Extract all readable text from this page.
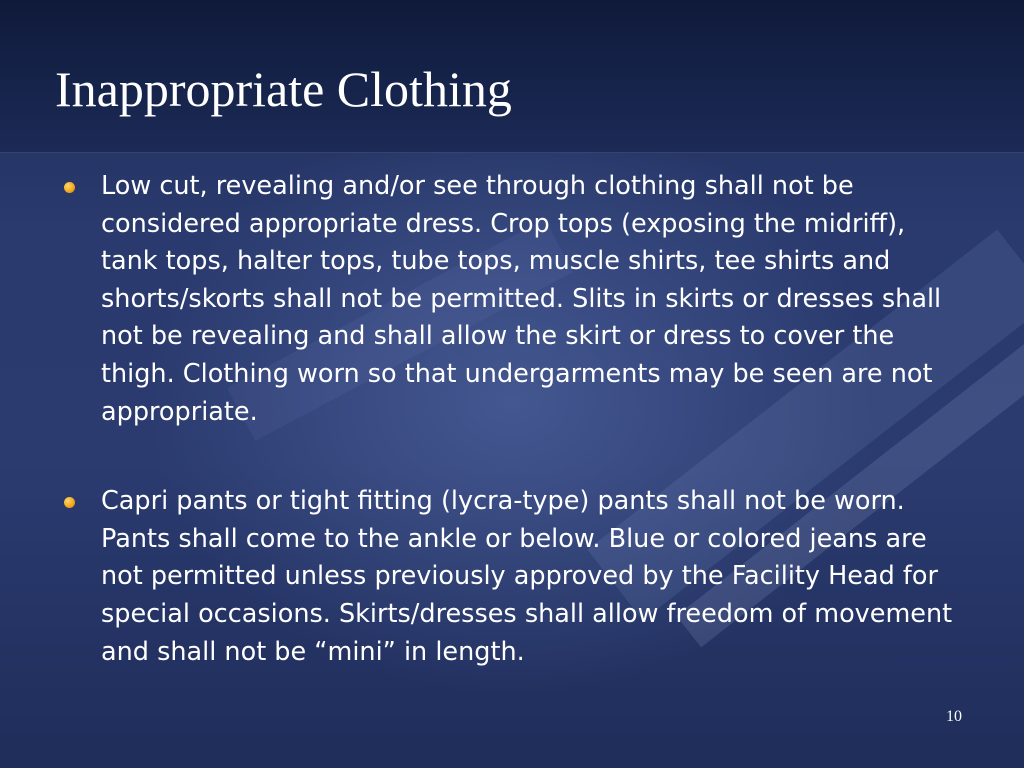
Inappropriate Clothing
Low cut, revealing and/or see through clothing shall not be considered appropriate dress. Crop tops (exposing the midriff), tank tops, halter tops, tube tops, muscle shirts, tee shirts and shorts/skorts shall not be permitted. Slits in skirts or dresses shall not be revealing and shall allow the skirt or dress to cover the thigh. Clothing worn so that undergarments may be seen are not appropriate.
Capri pants or tight fitting (lycra-type) pants shall not be worn. Pants shall come to the ankle or below. Blue or colored jeans are not permitted unless previously approved by the Facility Head for special occasions. Skirts/dresses shall allow freedom of movement and shall not be “mini” in length.
10
